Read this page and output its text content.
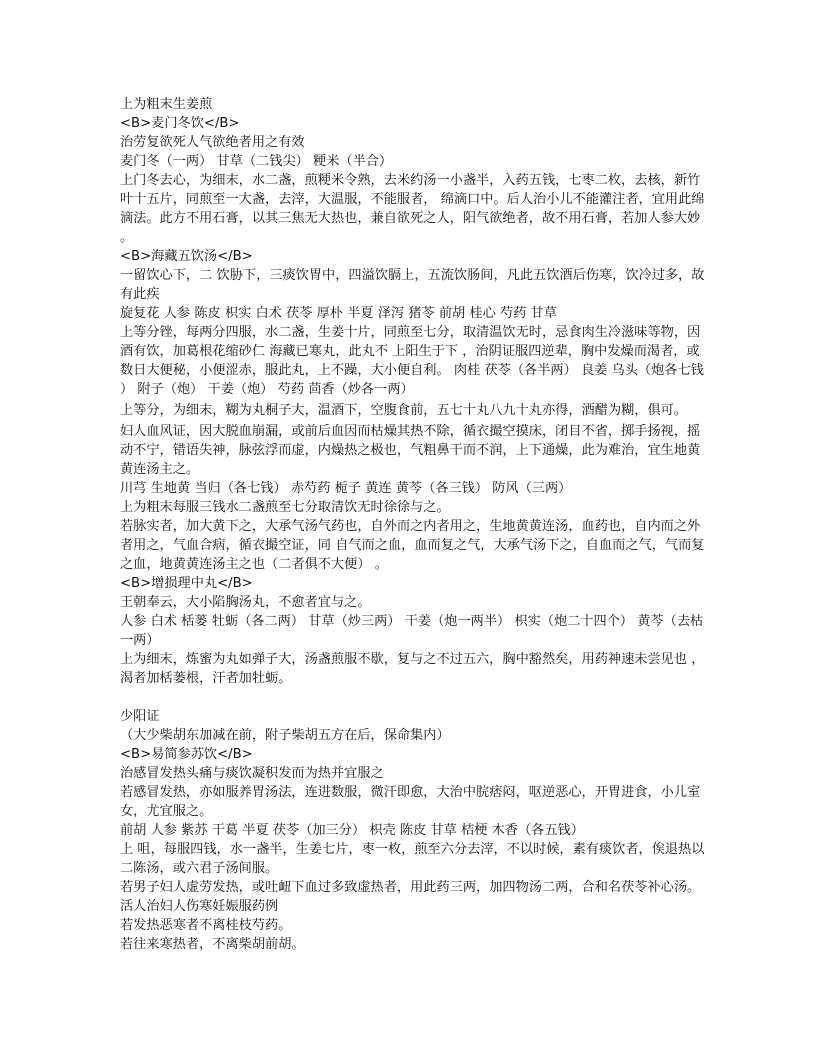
上为粗末生姜煎

<B>麦门冬饮</B>

治劳复欲死人气欲绝者用之有效

麦门冬（一两） 甘草（二钱尖） 粳米（半合）

上门冬去心，为细末，水二盏，煎粳米令熟，去米约汤一小盏半，入药五钱，七枣二枚，去核，新竹叶十五片，同煎至一大盏，去滓，大温服，不能服者， 绵滴口中。后人治小儿不能灌注者，宜用此绵滴法。此方不用石膏，以其三焦无大热也，兼自欲死之人，阳气欲绝者，故不用石膏，若加人参大妙。

<B>海藏五饮汤</B>

一留饮心下，二 饮胁下，三痰饮胃中，四溢饮膈上，五流饮肠间，凡此五饮酒后伤寒，饮冷过多，故有此疾

旋复花 人参 陈皮 枳实 白术 茯苓 厚朴 半夏 泽泻 猪苓 前胡 桂心 芍药 甘草

上等分锉，每两分四服，水二盏，生姜十片，同煎至七分，取清温饮无时，忌食肉生冷滋味等物，因酒有饮，加葛根花缩砂仁 海藏已寒丸，此丸不 上阳生于下 ，治阴证服四逆辈，胸中发燥而渴者，或数日大便秘，小便涩赤，服此丸，上不躁，大小便自利。 肉桂 茯苓（各半两） 良姜 乌头（炮各七钱） 附子（炮） 干姜（炮） 芍药 茴香（炒各一两）

上等分，为细末，糊为丸桐子大，温酒下，空腹食前，五七十丸八九十丸亦得，酒醋为糊，俱可。

妇人血风证，因大脱血崩漏，或前后血因而枯燥其热不除，循衣撮空摸床，闭目不省，掷手扬视，摇动不宁，错语失神，脉弦浮而虚，内燥热之极也，气粗鼻干而不润，上下通燥，此为难治，宜生地黄黄连汤主之。

川芎 生地黄 当归（各七钱） 赤芍药 栀子 黄连 黄芩（各三钱） 防风（三两）

上为粗末每服三钱水二盏煎至七分取清饮无时徐徐与之。

若脉实者，加大黄下之，大承气汤气药也，自外而之内者用之，生地黄黄连汤，血药也，自内而之外者用之，气血合病，循衣撮空证，同 自气而之血，血而复之气，大承气汤下之，自血而之气，气而复之血，地黄黄连汤主之也（二者俱不大便） 。

<B>增损理中丸</B>

王朝奉云，大小陷胸汤丸，不愈者宜与之。

人参 白术 栝蒌 牡蛎（各二两） 甘草（炒三两） 干姜（炮一两半） 枳实（炮二十四个） 黄芩（去枯一两）

上为细末，炼蜜为丸如弹子大，汤盏煎服不歇，复与之不过五六，胸中豁然矣，用药神速未尝见也 ，渴者加栝蒌根，汗者加牡蛎。

少阳证

（大少柴胡东加减在前，附子柴胡五方在后，保命集内）

<B>易简参苏饮</B>

治感冒发热头痛与痰饮凝积发而为热并宜服之

若感冒发热，亦如服养胃汤法，连进数服，微汗即愈，大治中脘痞闷，呕逆恶心，开胃进食，小儿室女，尤宜服之。

前胡 人参 紫苏 干葛 半夏 茯苓（加三分） 枳壳 陈皮 甘草 桔梗 木香（各五钱）

上 咀，每服四钱，水一盏半，生姜七片，枣一枚，煎至六分去滓，不以时候，素有痰饮者，俟退热以二陈汤，或六君子汤间服。

若男子妇人虚劳发热，或吐衄下血过多致虚热者，用此药三两，加四物汤二两，合和名茯苓补心汤。

活人治妇人伤寒妊娠服药例

若发热恶寒者不离桂枝芍药。

若往来寒热者，不离柴胡前胡。
